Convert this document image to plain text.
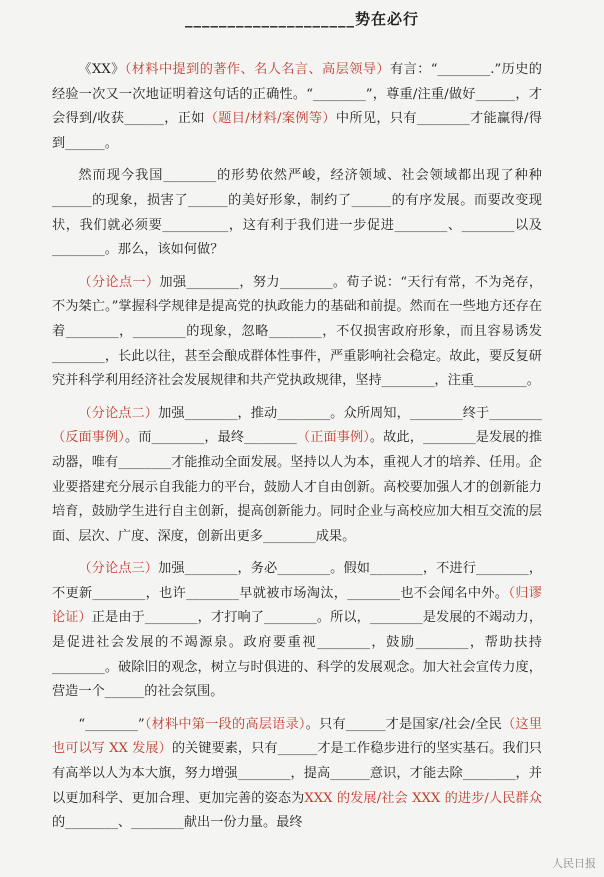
____________________势在必行

《XX》（材料中提到的著作、名人名言、高层领导）有言：“________.”历史的经验一次又一次地证明着这句话的正确性。“________”，尊重/注重/做好______，才会得到/收获______，正如（题目/材料/案例等）中所见，只有________才能赢得/得到______。

然而现今我国________的形势依然严峻，经济领域、社会领域都出现了种种______的现象，损害了______的美好形象，制约了______的有序发展。而要改变现状，我们就必须要__________，这有利于我们进一步促进________、________以及________。那么，该如何做？

（分论点一）加强________，努力________。荀子说：“天行有常，不为尧存，不为桀亡。”掌握科学规律是提高党的执政能力的基础和前提。然而在一些地方还存在着________，________的现象，忽略________，不仅损害政府形象，而且容易诱发________，长此以往，甚至会酿成群体性事件，严重影响社会稳定。故此，要反复研究并科学利用经济社会发展规律和共产党执政规律，坚持________，注重________。

（分论点二）加强________，推动________。众所周知，________终于________（反面事例）。而________，最终________（正面事例）。故此，________是发展的推动器，唯有________才能推动全面发展。坚持以人为本，重视人才的培养、任用。企业要搭建充分展示自我能力的平台，鼓励人才自由创新。高校要加强人才的创新能力培育，鼓励学生进行自主创新，提高创新能力。同时企业与高校应加大相互交流的层面、层次、广度、深度，创新出更多________成果。

（分论点三）加强________，务必________。假如________，不进行________，不更新________，也许________早就被市场淘汰，________也不会闻名中外。（归谬论证）正是由于________，才打响了________。所以，________是发展的不竭动力，是促进社会发展的不竭源泉。政府要重视________，鼓励________，帮助扶持________。破除旧的观念，树立与时俱进的、科学的发展观念。加大社会宣传力度，营造一个______的社会氛围。

“________”（材料中第一段的高层语录）。只有______才是国家/社会/全民（这里也可以写 XX 发展）的关键要素，只有______才是工作稳步进行的坚实基石。我们只有高举以人为本大旗，努力增强________，提高______意识，才能去除________，并以更加科学、更加合理、更加完善的姿态为XXX 的发展/社会 XXX 的进步/人民群众的________、________献出一份力量。最终

人民日报
